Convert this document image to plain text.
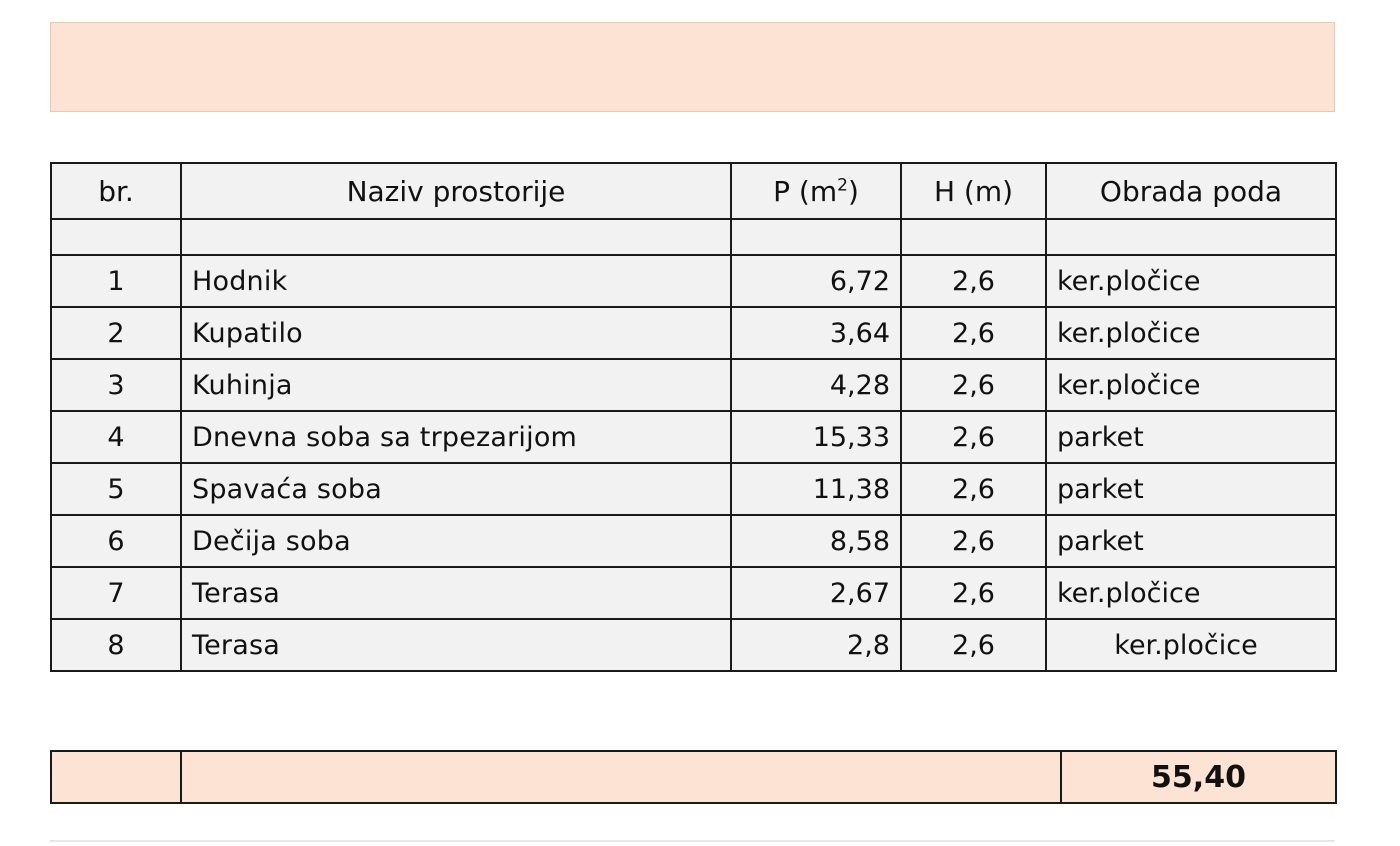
br.	Naziv prostorije	P $(m^2)$	H (m)	Obrada poda

1	Hodnik	6,72	2,6	ker.pločice
2	Kupatilo	3,64	2,6	ker.pločice
3	Kuhinja	4,28	2,6	ker.pločice
4	Dnevna soba sa trpezarijom	15,33	2,6	parket
5	Spavaća soba	11,38	2,6	parket
6	Dečija soba	8,58	2,6	parket
7	Terasa	2,67	2,6	ker.pločice
8	Terasa	2,8	2,6	ker.pločice
		55,40
